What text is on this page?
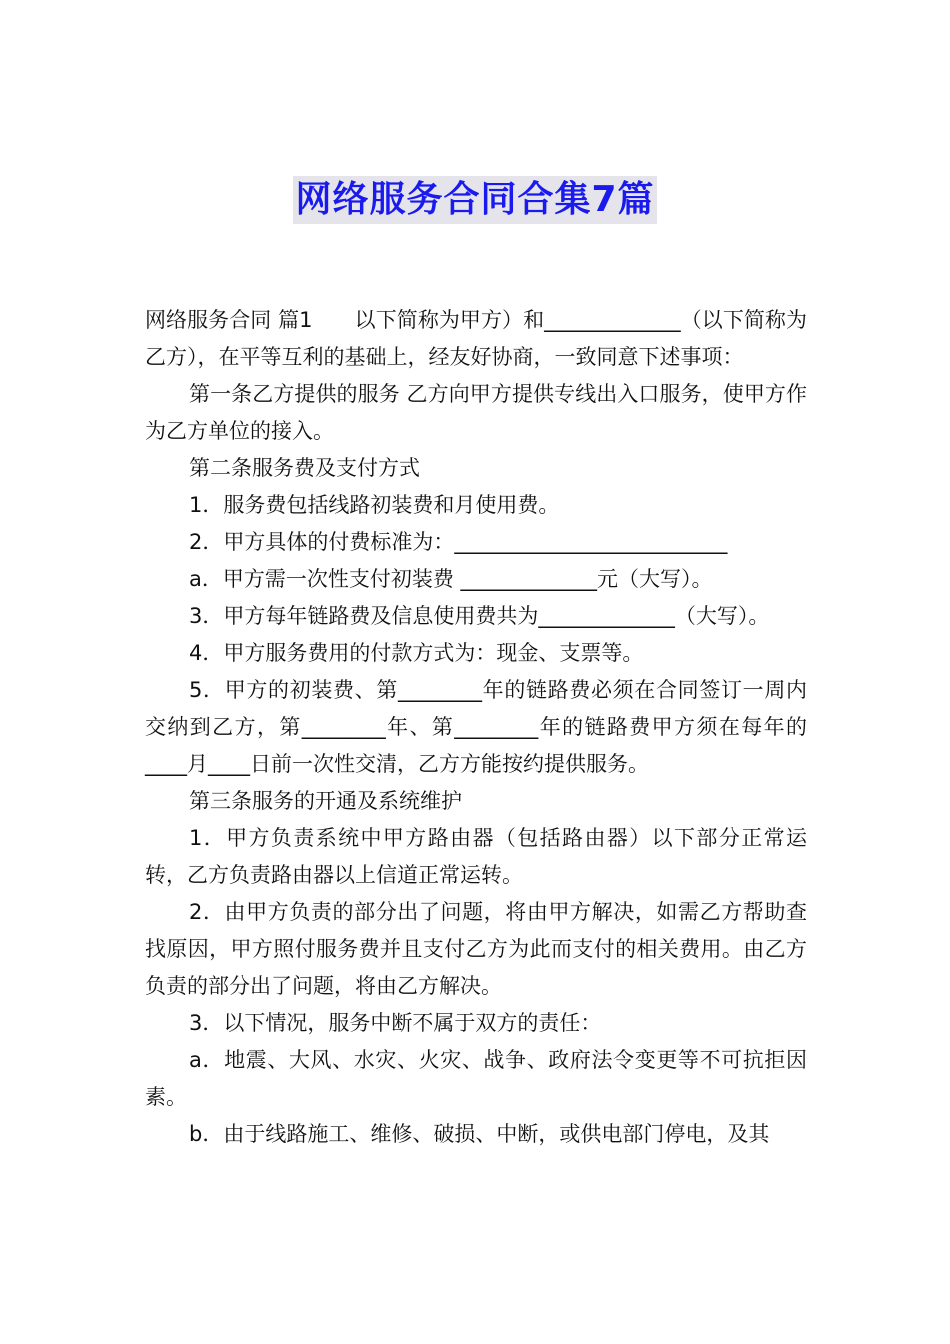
网络服务合同合集7篇

网络服务合同 篇1　　以下简称为甲方）和_____________（以下简称为乙方），在平等互利的基础上，经友好协商，一致同意下述事项：

第一条乙方提供的服务 乙方向甲方提供专线出入口服务，使甲方作为乙方单位的接入。

第二条服务费及支付方式

1．服务费包括线路初装费和月使用费。

2．甲方具体的付费标准为：__________________________

a．甲方需一次性支付初装费 _____________元（大写）。

3．甲方每年链路费及信息使用费共为_____________（大写）。

4．甲方服务费用的付款方式为：现金、支票等。

5．甲方的初装费、第________年的链路费必须在合同签订一周内交纳到乙方，第________年、第________年的链路费甲方须在每年的____月____日前一次性交清，乙方方能按约提供服务。

第三条服务的开通及系统维护

1．甲方负责系统中甲方路由器（包括路由器）以下部分正常运转，乙方负责路由器以上信道正常运转。

2．由甲方负责的部分出了问题，将由甲方解决，如需乙方帮助查找原因，甲方照付服务费并且支付乙方为此而支付的相关费用。由乙方负责的部分出了问题，将由乙方解决。

3．以下情况，服务中断不属于双方的责任：

a．地震、大风、水灾、火灾、战争、政府法令变更等不可抗拒因素。

b．由于线路施工、维修、破损、中断，或供电部门停电，及其
